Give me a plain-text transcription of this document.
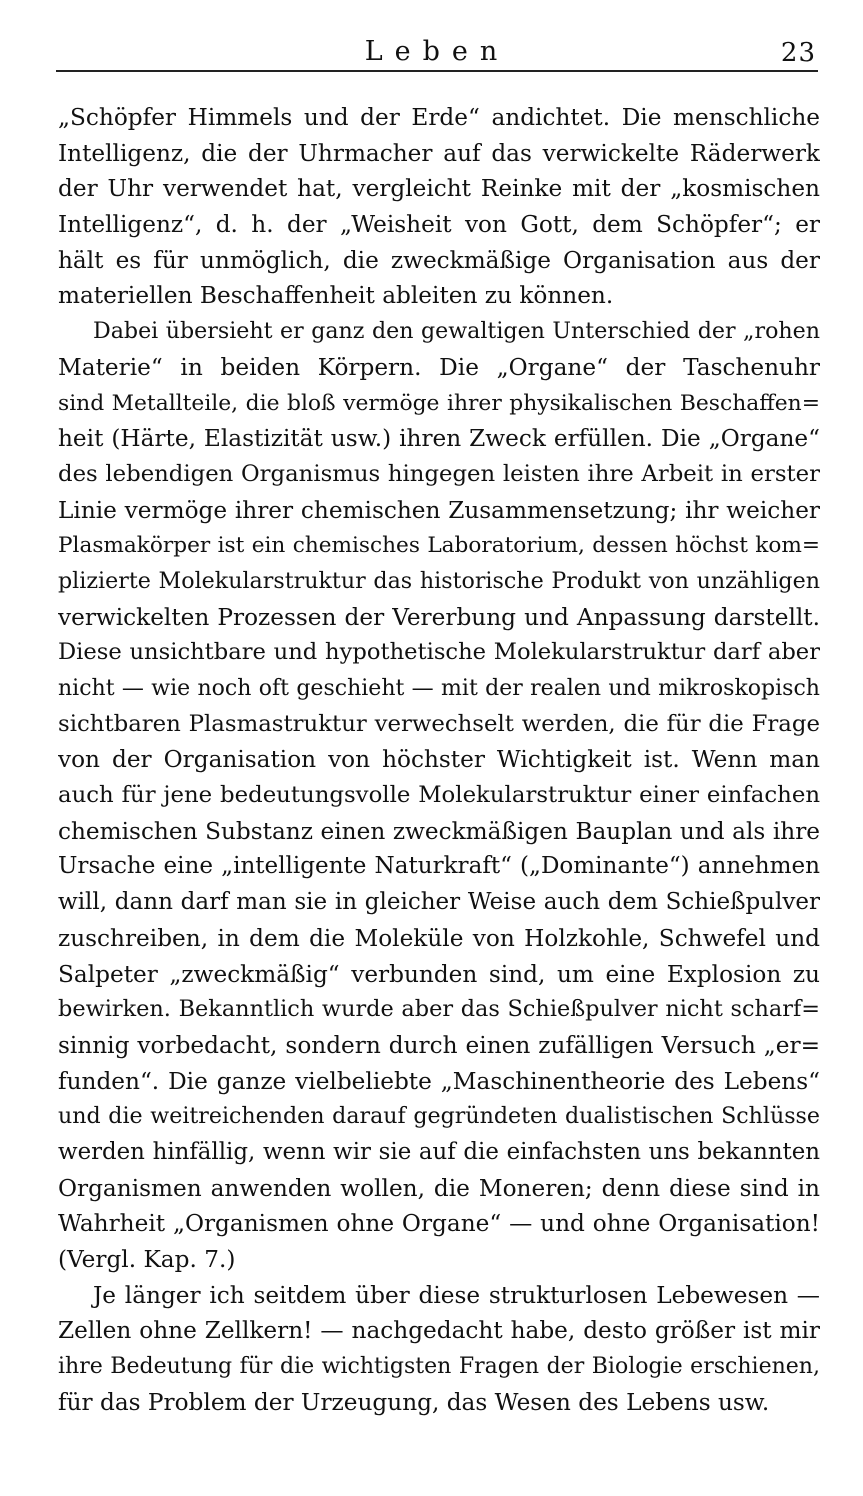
Leben	23
„Schöpfer Himmels und der Erde“ andichtet. Die menschliche
Intelligenz, die der Uhrmacher auf das verwickelte Räderwerk
der Uhr verwendet hat, vergleicht Reinke mit der „kosmischen
Intelligenz“, d. h. der „Weisheit von Gott, dem Schöpfer“; er
hält es für unmöglich, die zweckmäßige Organisation aus der
materiellen Beschaffenheit ableiten zu können.
Dabei übersieht er ganz den gewaltigen Unterschied der „rohen
Materie“ in beiden Körpern. Die „Organe“ der Taschenuhr
sind Metallteile, die bloß vermöge ihrer physikalischen Beschaffen=
heit (Härte, Elastizität usw.) ihren Zweck erfüllen. Die „Organe“
des lebendigen Organismus hingegen leisten ihre Arbeit in erster
Linie vermöge ihrer chemischen Zusammensetzung; ihr weicher
Plasmakörper ist ein chemisches Laboratorium, dessen höchst kom=
plizierte Molekularstruktur das historische Produkt von unzähligen
verwickelten Prozessen der Vererbung und Anpassung darstellt.
Diese unsichtbare und hypothetische Molekularstruktur darf aber
nicht — wie noch oft geschieht — mit der realen und mikroskopisch
sichtbaren Plasmastruktur verwechselt werden, die für die Frage
von der Organisation von höchster Wichtigkeit ist. Wenn man
auch für jene bedeutungsvolle Molekularstruktur einer einfachen
chemischen Substanz einen zweckmäßigen Bauplan und als ihre
Ursache eine „intelligente Naturkraft“ („Dominante“) annehmen
will, dann darf man sie in gleicher Weise auch dem Schießpulver
zuschreiben, in dem die Moleküle von Holzkohle, Schwefel und
Salpeter „zweckmäßig“ verbunden sind, um eine Explosion zu
bewirken. Bekanntlich wurde aber das Schießpulver nicht scharf=
sinnig vorbedacht, sondern durch einen zufälligen Versuch „er=
funden“. Die ganze vielbeliebte „Maschinentheorie des Lebens“
und die weitreichenden darauf gegründeten dualistischen Schlüsse
werden hinfällig, wenn wir sie auf die einfachsten uns bekannten
Organismen anwenden wollen, die Moneren; denn diese sind in
Wahrheit „Organismen ohne Organe“ — und ohne Organisation!
(Vergl. Kap. 7.)
Je länger ich seitdem über diese strukturlosen Lebewesen —
Zellen ohne Zellkern! — nachgedacht habe, desto größer ist mir
ihre Bedeutung für die wichtigsten Fragen der Biologie erschienen,
für das Problem der Urzeugung, das Wesen des Lebens usw.
